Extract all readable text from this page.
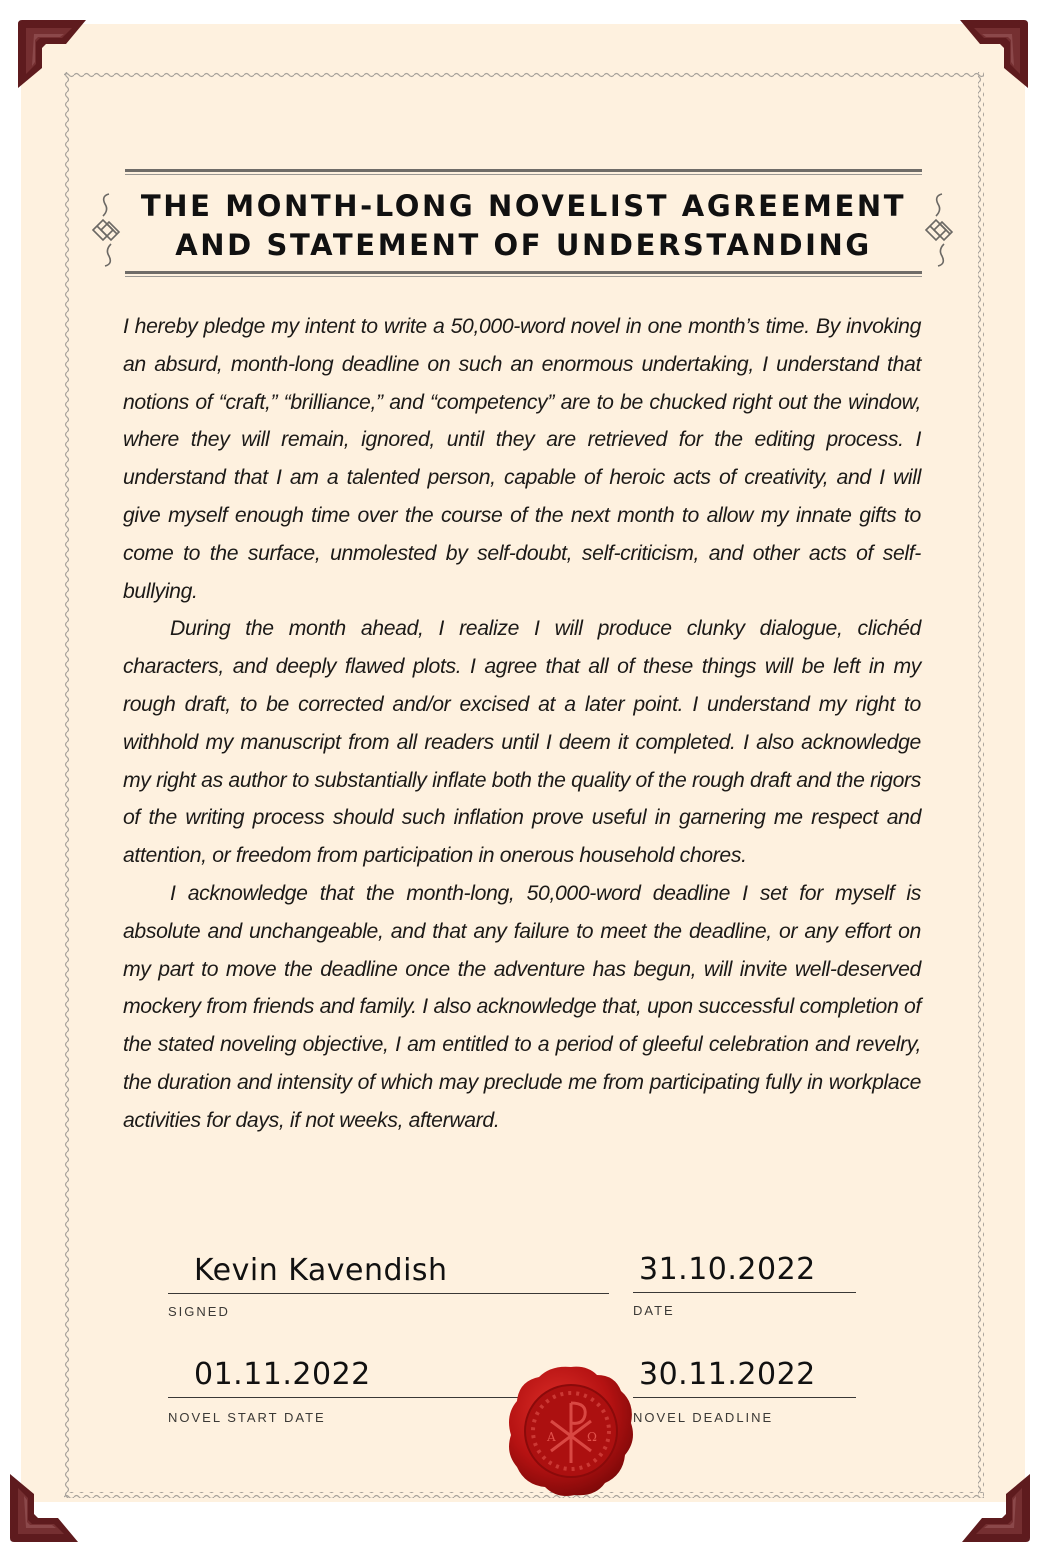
THE MONTH-LONG NOVELIST AGREEMENT
AND STATEMENT OF UNDERSTANDING

I hereby pledge my intent to write a 50,000-word novel in one month’s time. By invoking an absurd, month-long deadline on such an enormous undertaking, I understand that notions of “craft,” “brilliance,” and “competency” are to be chucked right out the window, where they will remain, ignored, until they are retrieved for the editing process. I understand that I am a talented person, capable of heroic acts of creativity, and I will give myself enough time over the course of the next month to allow my innate gifts to come to the surface, unmolested by self-doubt, self-criticism, and other acts of self-bullying.

During the month ahead, I realize I will produce clunky dialogue, clichéd characters, and deeply flawed plots. I agree that all of these things will be left in my rough draft, to be corrected and/or excised at a later point. I understand my right to withhold my manuscript from all readers until I deem it completed. I also acknowledge my right as author to substantially inflate both the quality of the rough draft and the rigors of the writing process should such inflation prove useful in garnering me respect and attention, or freedom from participation in onerous household chores.

I acknowledge that the month-long, 50,000-word deadline I set for myself is absolute and unchangeable, and that any failure to meet the deadline, or any effort on my part to move the deadline once the adventure has begun, will invite well-deserved mockery from friends and family. I also acknowledge that, upon successful completion of the stated noveling objective, I am entitled to a period of gleeful celebration and revelry, the duration and intensity of which may preclude me from participating fully in workplace activities for days, if not weeks, afterward.

Kevin Kavendish
SIGNED
31.10.2022
DATE
01.11.2022
NOVEL START DATE
30.11.2022
NOVEL DEADLINE
A	Ω
